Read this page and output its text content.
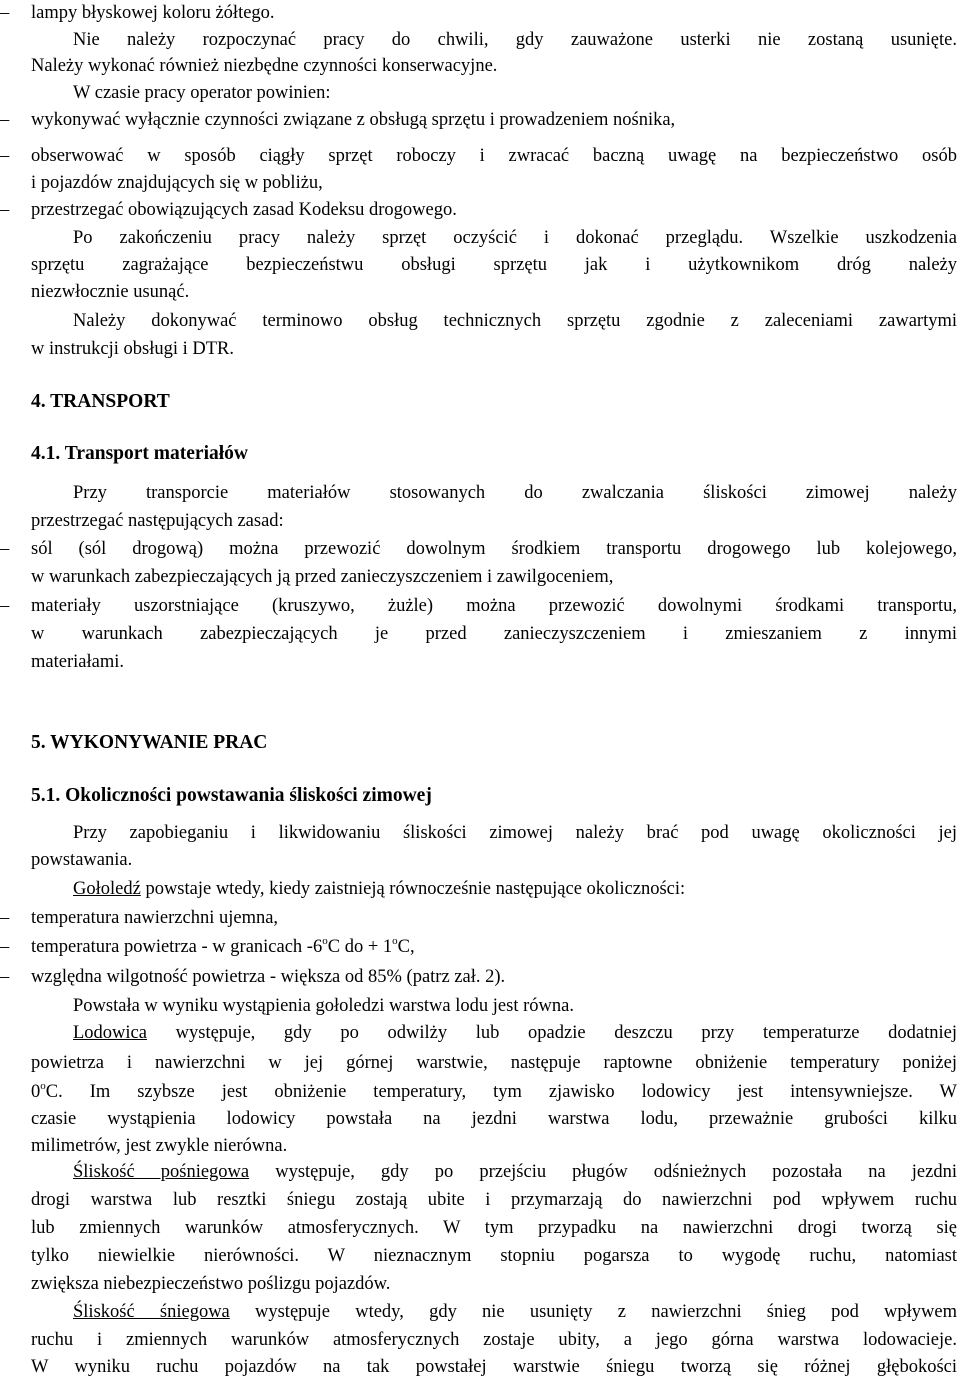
–	lampy błyskowej koloru żółtego.
Nie należy rozpoczynać pracy do chwili, gdy zauważone usterki nie zostaną usunięte.
Należy wykonać również niezbędne czynności konserwacyjne.
W czasie pracy operator powinien:
–	wykonywać wyłącznie czynności związane z obsługą sprzętu i prowadzeniem nośnika,
–	obserwować w sposób ciągły sprzęt roboczy i zwracać baczną uwagę na bezpieczeństwo osób
i pojazdów znajdujących się w pobliżu,
–	przestrzegać obowiązujących zasad Kodeksu drogowego.
Po zakończeniu pracy należy sprzęt oczyścić i dokonać przeglądu. Wszelkie uszkodzenia
sprzętu zagrażające bezpieczeństwu obsługi sprzętu jak i użytkownikom dróg należy
niezwłocznie usunąć.
Należy dokonywać terminowo obsług technicznych sprzętu zgodnie z zaleceniami zawartymi
w instrukcji obsługi i DTR.
4. TRANSPORT
4.1. Transport materiałów
Przy transporcie materiałów stosowanych do zwalczania śliskości zimowej należy
przestrzegać następujących zasad:
–	sól (sól drogową) można przewozić dowolnym środkiem transportu drogowego lub kolejowego,
w warunkach zabezpieczających ją przed zanieczyszczeniem i zawilgoceniem,
–	materiały uszorstniające (kruszywo, żużle) można przewozić dowolnymi środkami transportu,
w warunkach zabezpieczających je przed zanieczyszczeniem i zmieszaniem z innymi
materiałami.
5. WYKONYWANIE PRAC
5.1. Okoliczności powstawania śliskości zimowej
Przy zapobieganiu i likwidowaniu śliskości zimowej należy brać pod uwagę okoliczności jej
powstawania.
Gołoledź powstaje wtedy, kiedy zaistnieją równocześnie następujące okoliczności:
–	temperatura nawierzchni ujemna,
–	temperatura powietrza - w granicach -6$^o$C do + $1^oC$,
–	względna wilgotność powietrza - większa od 85% (patrz zał. 2).
Powstała w wyniku wystąpienia gołoledzi warstwa lodu jest równa.
Lodowica występuje, gdy po odwilży lub opadzie deszczu przy temperaturze dodatniej
powietrza i nawierzchni w jej górnej warstwie, następuje raptowne obniżenie temperatury poniżej
0$^o$C. Im szybsze jest obniżenie temperatury, tym zjawisko lodowicy jest intensywniejsze. W
czasie wystąpienia lodowicy powstała na jezdni warstwa lodu, przeważnie grubości kilku
milimetrów, jest zwykle nierówna.
Śliskość pośniegowa występuje, gdy po przejściu pługów odśnieżnych pozostała na jezdni
drogi warstwa lub resztki śniegu zostają ubite i przymarzają do nawierzchni pod wpływem ruchu
lub zmiennych warunków atmosferycznych. W tym przypadku na nawierzchni drogi tworzą się
tylko niewielkie nierówności. W nieznacznym stopniu pogarsza to wygodę ruchu, natomiast
zwiększa niebezpieczeństwo poślizgu pojazdów.
Śliskość śniegowa występuje wtedy, gdy nie usunięty z nawierzchni śnieg pod wpływem
ruchu i zmiennych warunków atmosferycznych zostaje ubity, a jego górna warstwa lodowacieje.
W wyniku ruchu pojazdów na tak powstałej warstwie śniegu tworzą się różnej głębokości
